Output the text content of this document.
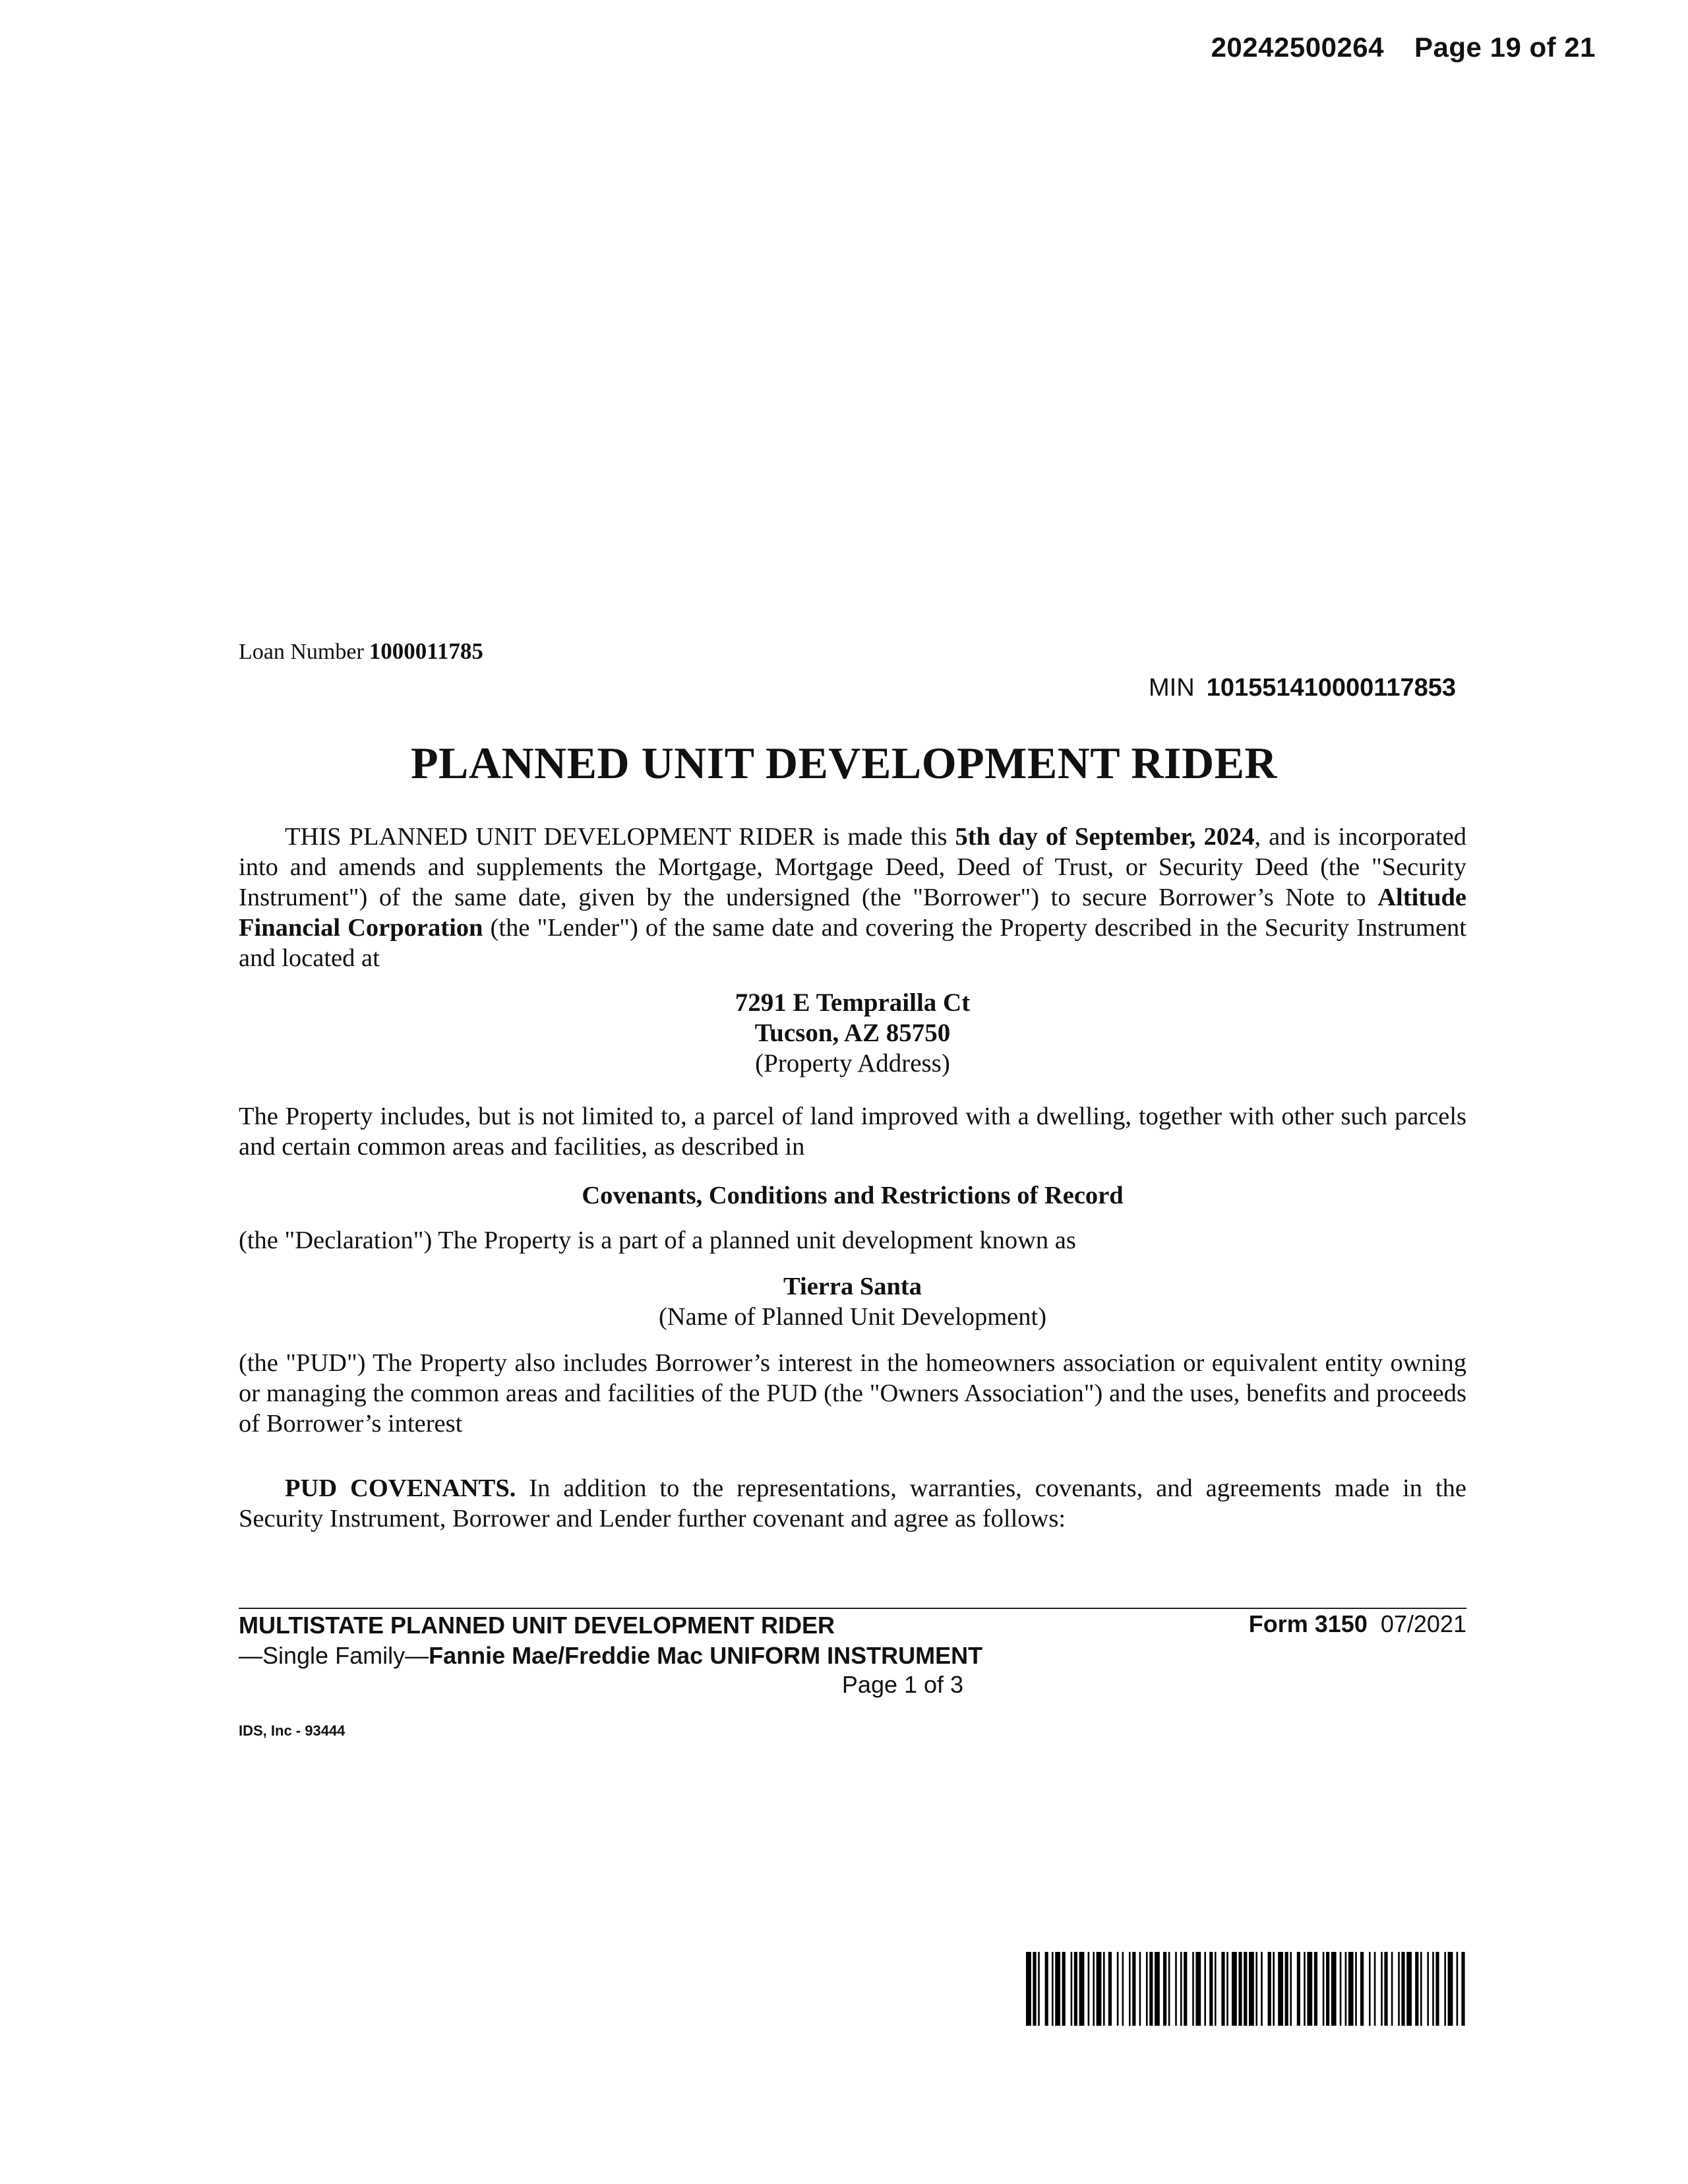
20242500264 Page 19 of 21
Loan Number 1000011785
MIN 101551410000117853
PLANNED UNIT DEVELOPMENT RIDER
THIS PLANNED UNIT DEVELOPMENT RIDER is made this 5th day of September, 2024, and is incorporated into and amends and supplements the Mortgage, Mortgage Deed, Deed of Trust, or Security Deed (the "Security Instrument") of the same date, given by the undersigned (the "Borrower") to secure Borrower’s Note to Altitude Financial Corporation (the "Lender") of the same date and covering the Property described in the Security Instrument and located at
7291 E Temprailla Ct
Tucson, AZ 85750
(Property Address)
The Property includes, but is not limited to, a parcel of land improved with a dwelling, together with other such parcels and certain common areas and facilities, as described in
Covenants, Conditions and Restrictions of Record
(the "Declaration") The Property is a part of a planned unit development known as
Tierra Santa
(Name of Planned Unit Development)
(the "PUD") The Property also includes Borrower’s interest in the homeowners association or equivalent entity owning or managing the common areas and facilities of the PUD (the "Owners Association") and the uses, benefits and proceeds of Borrower’s interest
PUD COVENANTS. In addition to the representations, warranties, covenants, and agreements made in the Security Instrument, Borrower and Lender further covenant and agree as follows:
MULTISTATE PLANNED UNIT DEVELOPMENT RIDER
—Single Family—Fannie Mae/Freddie Mac UNIFORM INSTRUMENT
Form 3150 07/2021
Page 1 of 3
IDS, Inc - 93444
